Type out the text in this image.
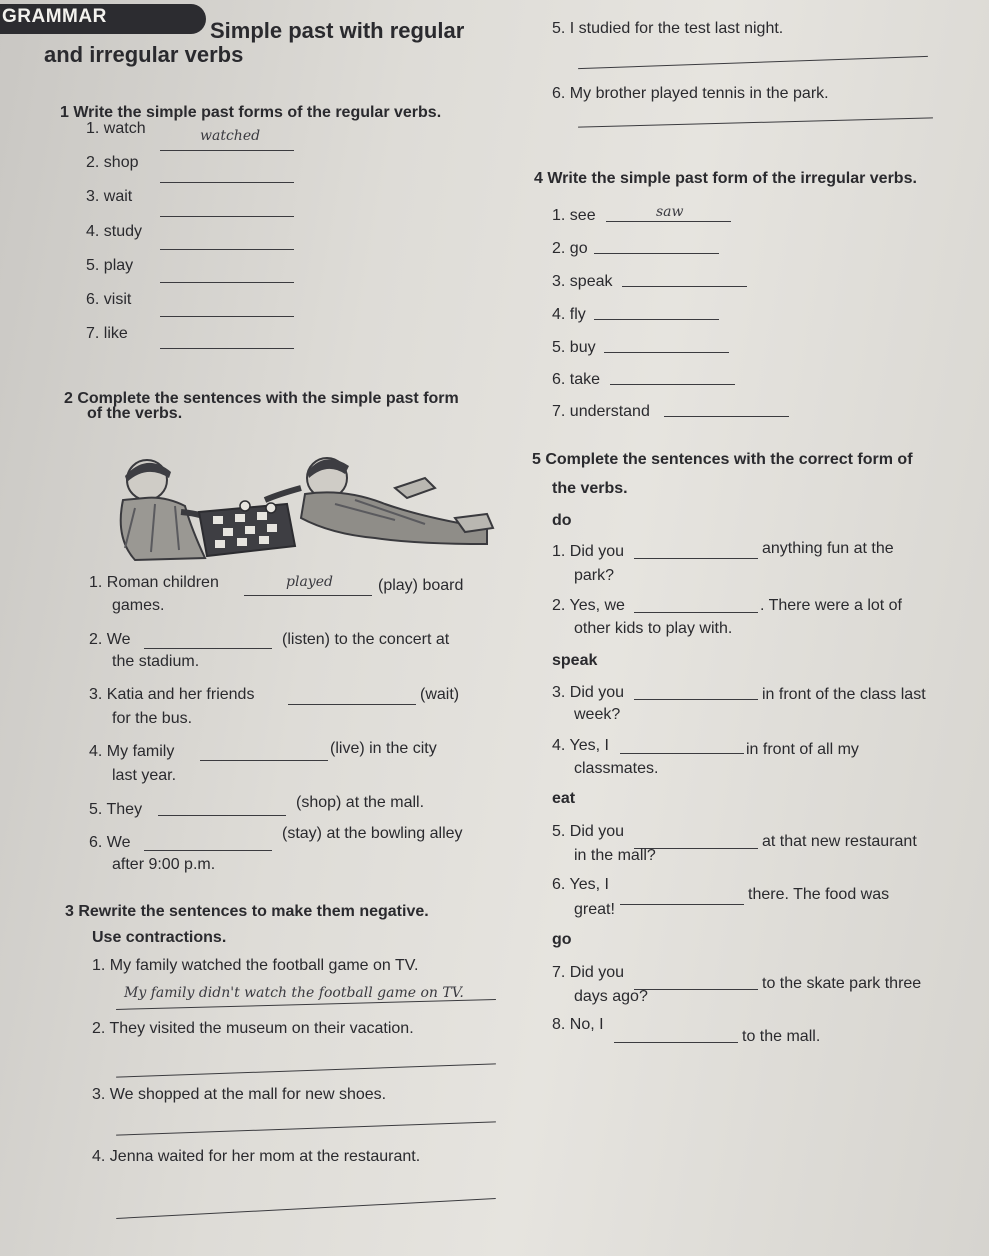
GRAMMAR
Simple past with regular
and irregular verbs
1 Write the simple past forms of the regular verbs.
1. watch	watched
2. shop
3. wait
4. study
5. play
6. visit
7. like
2 Complete the sentences with the simple past form
of the verbs.
1. Roman children	played	(play) board
games.
2. We	(listen) to the concert at
the stadium.
3. Katia and her friends	(wait)
for the bus.
4. My family	(live) in the city
last year.
5. They	(shop) at the mall.
6. We
(stay) at the bowling alley
after 9:00 p.m.
3 Rewrite the sentences to make them negative.
Use contractions.
1. My family watched the football game on TV.
My family didn't watch the football game on TV.
2. They visited the museum on their vacation.
3. We shopped at the mall for new shoes.
4. Jenna waited for her mom at the restaurant.
5. I studied for the test last night.
6. My brother played tennis in the park.
4 Write the simple past form of the irregular verbs.
1. see	saw
2. go
3. speak
4. fly
5. buy
6. take
7. understand
5 Complete the sentences with the correct form of
the verbs.
do
1. Did you	anything fun at the
park?
2. Yes, we	. There were a lot of
other kids to play with.
speak
3. Did you	in front of the class last
week?
4. Yes, I	in front of all my
classmates.
eat
5. Did you
at that new restaurant
in the mall?
6. Yes, I
there. The food was
great!
go
7. Did you
to the skate park three
days ago?
8. No, I
to the mall.
